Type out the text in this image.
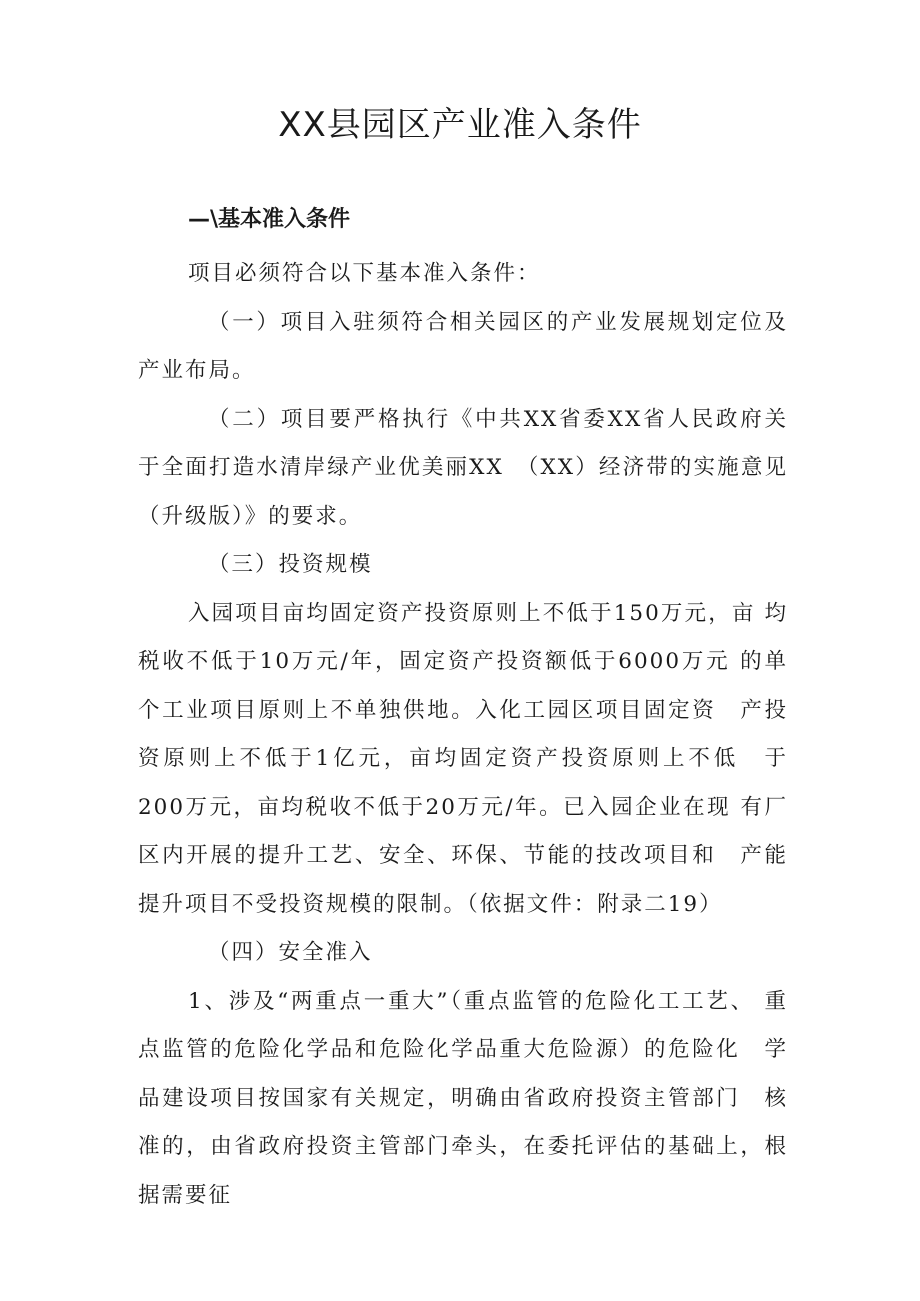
XX县园区产业准入条件
—\基本准入条件

项目必须符合以下基本准入条件：

（一）项目入驻须符合相关园区的产业发展规划定位及 产业布局。

（二）项目要严格执行《中共XX省委XX省人民政府关 于全面打造水清岸绿产业优美丽XX　（XX）经济带的实施意见　（升级版）》的要求。

（三）投资规模

入园项目亩均固定资产投资原则上不低于150万元，亩 均税收不低于10万元/年，固定资产投资额低于6000万元 的单个工业项目原则上不单独供地。入化工园区项目固定资　产投资原则上不低于1亿元，亩均固定资产投资原则上不低　于200万元，亩均税收不低于20万元/年。已入园企业在现 有厂区内开展的提升工艺、安全、环保、节能的技改项目和　产能提升项目不受投资规模的限制。（依据文件：附录二19）

（四）安全准入

1、涉及“两重点一重大”（重点监管的危险化工工艺、 重点监管的危险化学品和危险化学品重大危险源）的危险化　学品建设项目按国家有关规定，明确由省政府投资主管部门　核准的，由省政府投资主管部门牵头，在委托评估的基础上，根据需要征
